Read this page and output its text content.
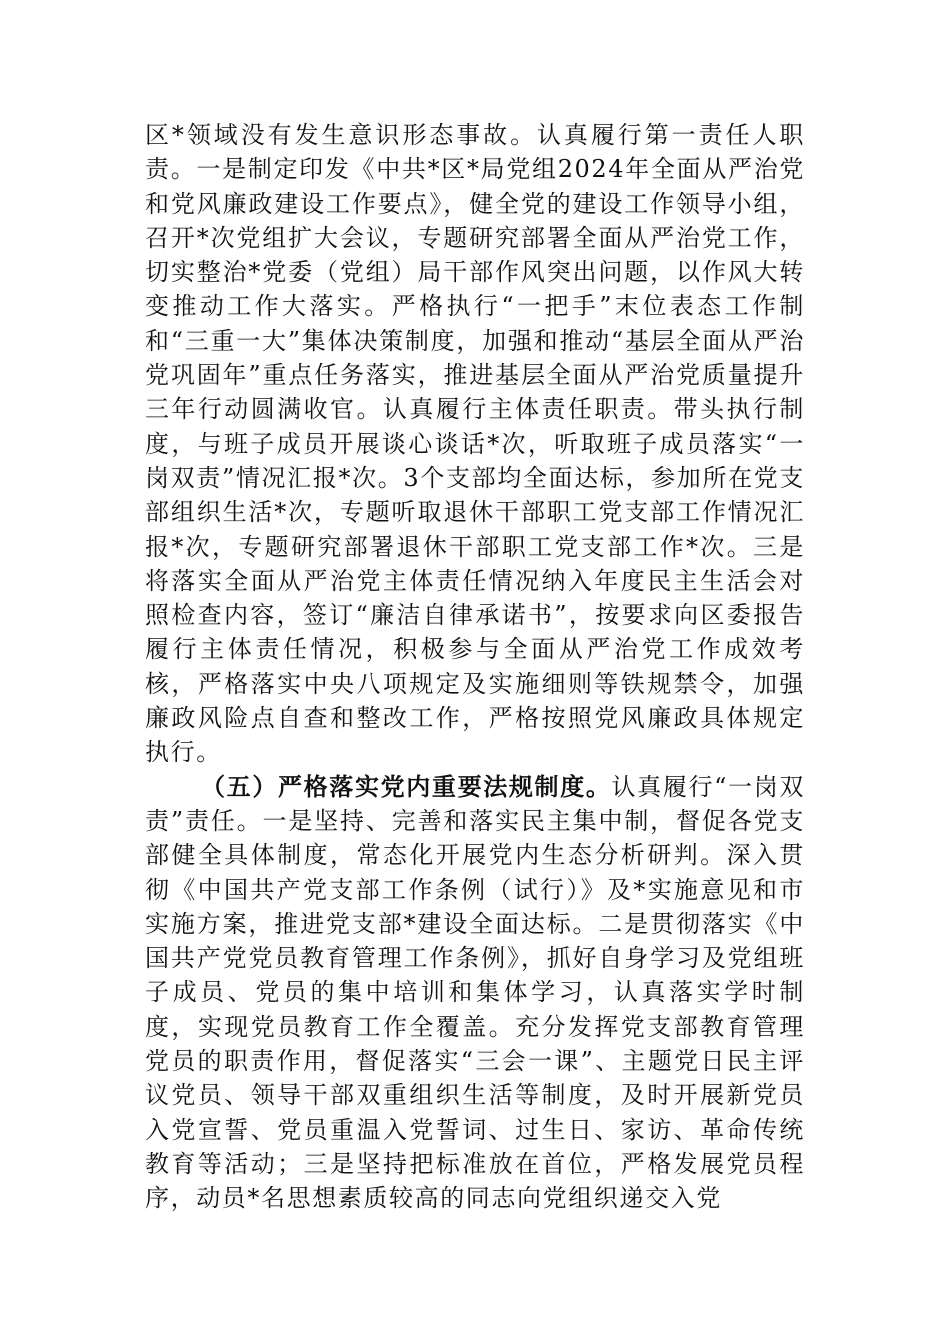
区*领域没有发生意识形态事故。认真履行第一责任人职责。一是制定印发《中共*区*局党组2024年全面从严治党和党风廉政建设工作要点》，健全党的建设工作领导小组，召开*次党组扩大会议，专题研究部署全面从严治党工作，切实整治*党委（党组）局干部作风突出问题，以作风大转变推动工作大落实。严格执行“一把手”末位表态工作制和“三重一大”集体决策制度，加强和推动“基层全面从严治党巩固年”重点任务落实，推进基层全面从严治党质量提升三年行动圆满收官。认真履行主体责任职责。带头执行制度，与班子成员开展谈心谈话*次，听取班子成员落实“一岗双责”情况汇报*次。3个支部均全面达标，参加所在党支部组织生活*次，专题听取退休干部职工党支部工作情况汇报*次，专题研究部署退休干部职工党支部工作*次。三是将落实全面从严治党主体责任情况纳入年度民主生活会对照检查内容，签订“廉洁自律承诺书”，按要求向区委报告履行主体责任情况，积极参与全面从严治党工作成效考核，严格落实中央八项规定及实施细则等铁规禁令，加强廉政风险点自查和整改工作，严格按照党风廉政具体规定执行。

（五）严格落实党内重要法规制度。认真履行“一岗双责”责任。一是坚持、完善和落实民主集中制，督促各党支部健全具体制度，常态化开展党内生态分析研判。深入贯彻《中国共产党支部工作条例（试行）》及*实施意见和市实施方案，推进党支部*建设全面达标。二是贯彻落实《中国共产党党员教育管理工作条例》，抓好自身学习及党组班子成员、党员的集中培训和集体学习，认真落实学时制度，实现党员教育工作全覆盖。充分发挥党支部教育管理党员的职责作用，督促落实“三会一课”、主题党日民主评议党员、领导干部双重组织生活等制度，及时开展新党员入党宣誓、党员重温入党誓词、过生日、家访、革命传统教育等活动；三是坚持把标准放在首位，严格发展党员程序，动员*名思想素质较高的同志向党组织递交入党
